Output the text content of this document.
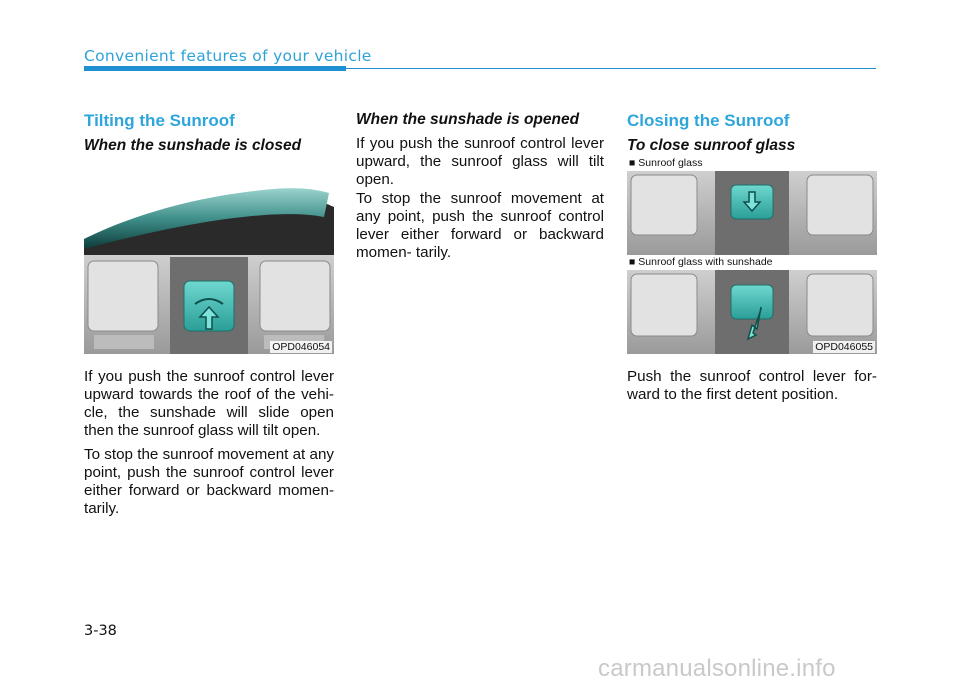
Convenient features of your vehicle
Tilting the Sunroof
When the sunshade is closed
OPD046054
If you push the sunroof control lever upward towards the roof of the vehi- cle, the sunshade will slide open then the sunroof glass will tilt open.
To stop the sunroof movement at any point, push the sunroof control lever either forward or backward momen- tarily.
When the sunshade is opened
If you push the sunroof control lever upward, the sunroof glass will tilt open.
To stop the sunroof movement at any point, push the sunroof control lever either forward or backward momen- tarily.
Closing the Sunroof
To close sunroof glass
■ Sunroof glass
■ Sunroof glass with sunshade
OPD046055
Push the sunroof control lever for- ward to the first detent position.
3-38
carmanualsonline.info
